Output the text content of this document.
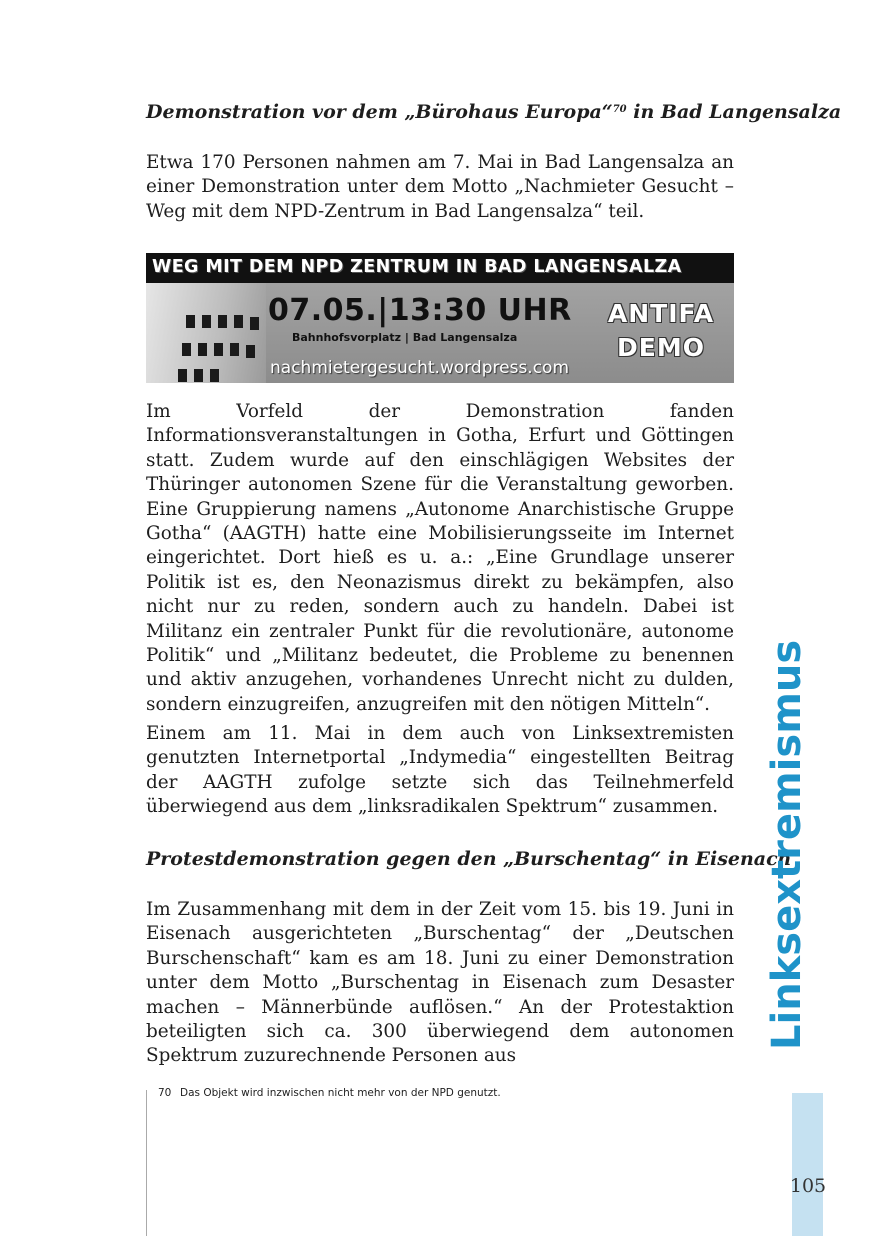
Demonstration vor dem „Bürohaus Europa“$^{70}$ in Bad Langensalza

Etwa 170 Personen nahmen am 7. Mai in Bad Langensalza an einer Demonstration unter dem Motto „Nachmieter Gesucht – Weg mit dem NPD-Zentrum in Bad Langensalza“ teil.

WEG MIT DEM NPD ZENTRUM IN BAD LANGENSALZA
07.05.|13:30 UHR
Bahnhofsvorplatz | Bad Langensalza
nachmietergesucht.wordpress.com
ANTIFA
DEMO

Im Vorfeld der Demonstration fanden Informationsveranstaltungen in Gotha, Erfurt und Göttingen statt. Zudem wurde auf den einschlägigen Websites der Thüringer autonomen Szene für die Veranstaltung geworben. Eine Gruppierung namens „Autonome Anarchistische Gruppe Gotha“ (AAGTH) hatte eine Mobilisierungsseite im Internet eingerichtet. Dort hieß es u. a.: „Eine Grundlage unserer Politik ist es, den Neonazismus direkt zu bekämpfen, also nicht nur zu reden, sondern auch zu handeln. Dabei ist Militanz ein zentraler Punkt für die revolutionäre, autonome Politik“ und „Militanz bedeutet, die Probleme zu benennen und aktiv anzugehen, vorhandenes Unrecht nicht zu dulden, sondern einzugreifen, anzugreifen mit den nötigen Mitteln“.

Einem am 11. Mai in dem auch von Linksextremisten genutzten Internetportal „Indymedia“ eingestellten Beitrag der AAGTH zufolge setzte sich das Teilnehmerfeld überwiegend aus dem „linksradikalen Spektrum“ zusammen.

Protestdemonstration gegen den „Burschentag“ in Eisenach

Im Zusammenhang mit dem in der Zeit vom 15. bis 19. Juni in Eisenach ausgerichteten „Burschentag“ der „Deutschen Burschenschaft“ kam es am 18. Juni zu einer Demonstration unter dem Motto „Burschentag in Eisenach zum Desaster machen – Männerbünde auflösen.“ An der Protestaktion beteiligten sich ca. 300 überwiegend dem autonomen Spektrum zuzurechnende Personen aus

70 Das Objekt wird inzwischen nicht mehr von der NPD genutzt.
Linksextremismus
105
